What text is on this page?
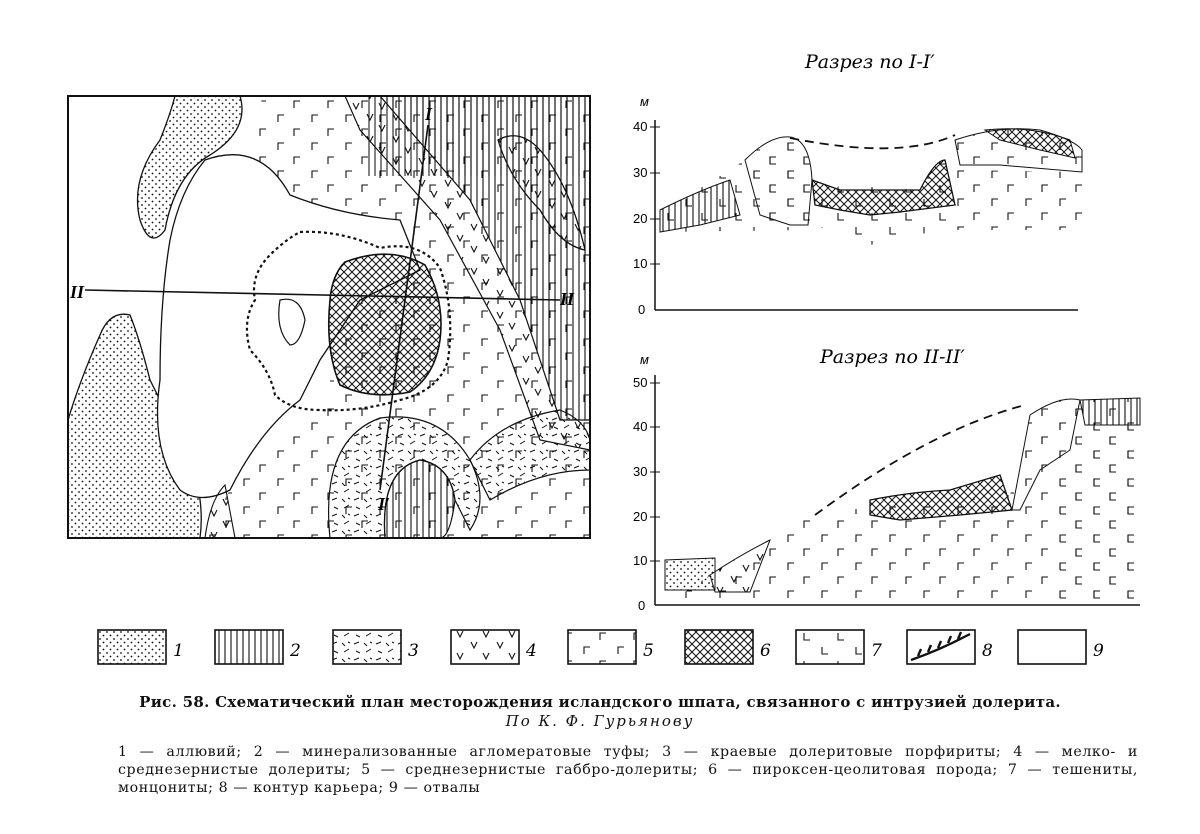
I
I′
II	II
Разрез по I-I′
м
40
30
20
10
0
Разрез по II-II′
м
50
40
30
20
10
0
1	2	3	4	5	6	7	8	9
Рис. 58. Схематический план месторождения исландского шпата, связанного с интрузией долерита.
По К. Ф. Гурьянову
1 — аллювий; 2 — минерализованные агломератовые туфы; 3 — краевые долеритовые порфириты; 4 — мелко- и среднезернистые долериты; 5 — среднезернистые габбро-долериты; 6 — пироксен-цеолитовая порода; 7 — тешениты, монцониты; 8 — контур карьера; 9 — отвалы
